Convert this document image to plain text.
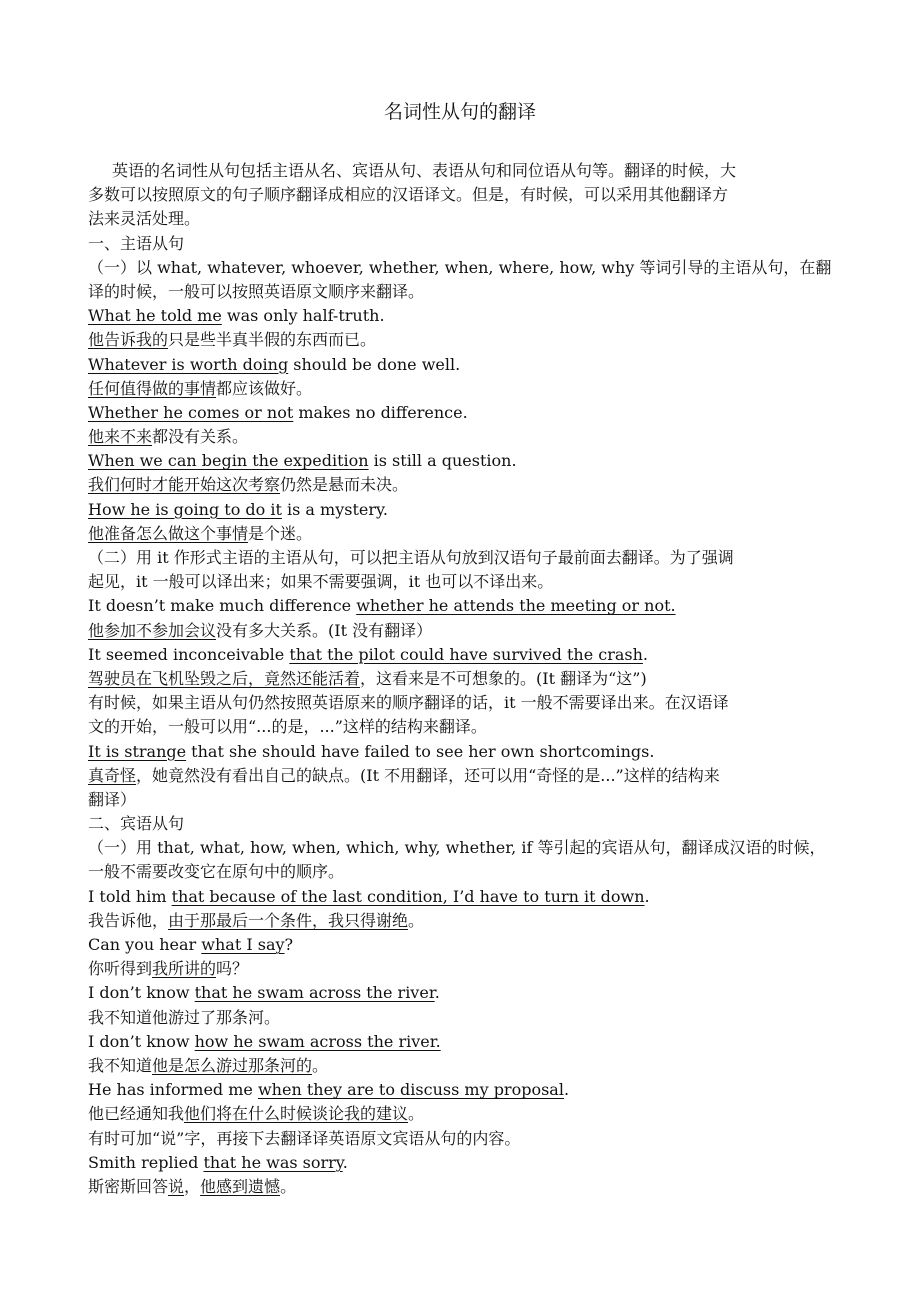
名词性从句的翻译
英语的名词性从句包括主语从名、宾语从句、表语从句和同位语从句等。翻译的时候，大
多数可以按照原文的句子顺序翻译成相应的汉语译文。但是，有时候，可以采用其他翻译方
法来灵活处理。
一、主语从句
（一）以 what, whatever, whoever, whether, when, where, how, why 等词引导的主语从句，在翻
译的时候，一般可以按照英语原文顺序来翻译。
What he told me was only half-truth.
他告诉我的只是些半真半假的东西而已。
Whatever is worth doing should be done well.
任何值得做的事情都应该做好。
Whether he comes or not makes no difference.
他来不来都没有关系。
When we can begin the expedition is still a question.
我们何时才能开始这次考察仍然是悬而未决。
How he is going to do it is a mystery.
他准备怎么做这个事情是个迷。
（二）用 it 作形式主语的主语从句，可以把主语从句放到汉语句子最前面去翻译。为了强调
起见，it 一般可以译出来；如果不需要强调，it 也可以不译出来。
It doesn’t make much difference whether he attends the meeting or not.
他参加不参加会议没有多大关系。(It 没有翻译）
It seemed inconceivable that the pilot could have survived the crash.
驾驶员在飞机坠毁之后，竟然还能活着，这看来是不可想象的。(It 翻译为“这”)
有时候，如果主语从句仍然按照英语原来的顺序翻译的话，it 一般不需要译出来。在汉语译
文的开始，一般可以用“...的是，...”这样的结构来翻译。
It is strange that she should have failed to see her own shortcomings.
真奇怪，她竟然没有看出自己的缺点。(It 不用翻译，还可以用“奇怪的是...”这样的结构来
翻译）
二、宾语从句
（一）用 that, what, how, when, which, why, whether, if 等引起的宾语从句，翻译成汉语的时候，
一般不需要改变它在原句中的顺序。
I told him that because of the last condition, I’d have to turn it down.
我告诉他，由于那最后一个条件，我只得谢绝。
Can you hear what I say?
你听得到我所讲的吗？
I don’t know that he swam across the river.
我不知道他游过了那条河。
I don’t know how he swam across the river.
我不知道他是怎么游过那条河的。
He has informed me when they are to discuss my proposal.
他已经通知我他们将在什么时候谈论我的建议。
有时可加“说”字，再接下去翻译译英语原文宾语从句的内容。
Smith replied that he was sorry.
斯密斯回答说，他感到遗憾。
